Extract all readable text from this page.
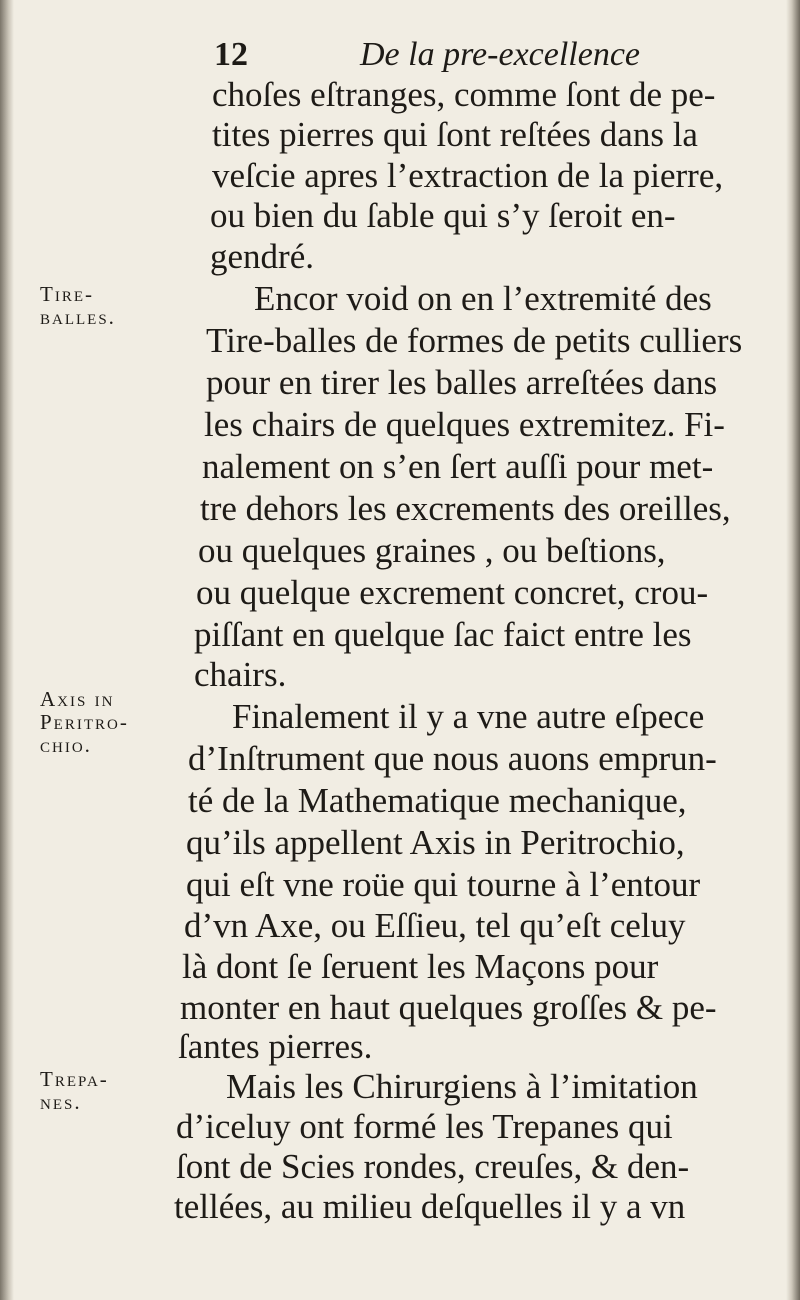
12	De la pre-excellence
Tire-
balles.
Axis in
Peritro-
chio.
Trepa-
nes.
choſes eſtranges, comme ſont de pe-
tites pierres qui ſont reſtées dans la
veſcie apres l’extraction de la pierre,
ou bien du ſable qui s’y ſeroit en-
gendré.
Encor void on en l’extremité des
Tire-balles de formes de petits culliers
pour en tirer les balles arreſtées dans
les chairs de quelques extremitez. Fi-
nalement on s’en ſert auſſi pour met-
tre dehors les excrements des oreilles,
ou quelques graines , ou beſtions,
ou quelque excrement concret, crou-
piſſant en quelque ſac faict entre les
chairs.
Finalement il y a vne autre eſpece
d’Inſtrument que nous auons emprun-
té de la Mathematique mechanique,
qu’ils appellent Axis in Peritrochio,
qui eſt vne roüe qui tourne à l’entour
d’vn Axe, ou Eſſieu, tel qu’eſt celuy
là dont ſe ſeruent les Maçons pour
monter en haut quelques groſſes & pe-
ſantes pierres.
Mais les Chirurgiens à l’imitation
d’iceluy ont formé les Trepanes qui
ſont de Scies rondes, creuſes, & den-
tellées, au milieu deſquelles il y a vn
